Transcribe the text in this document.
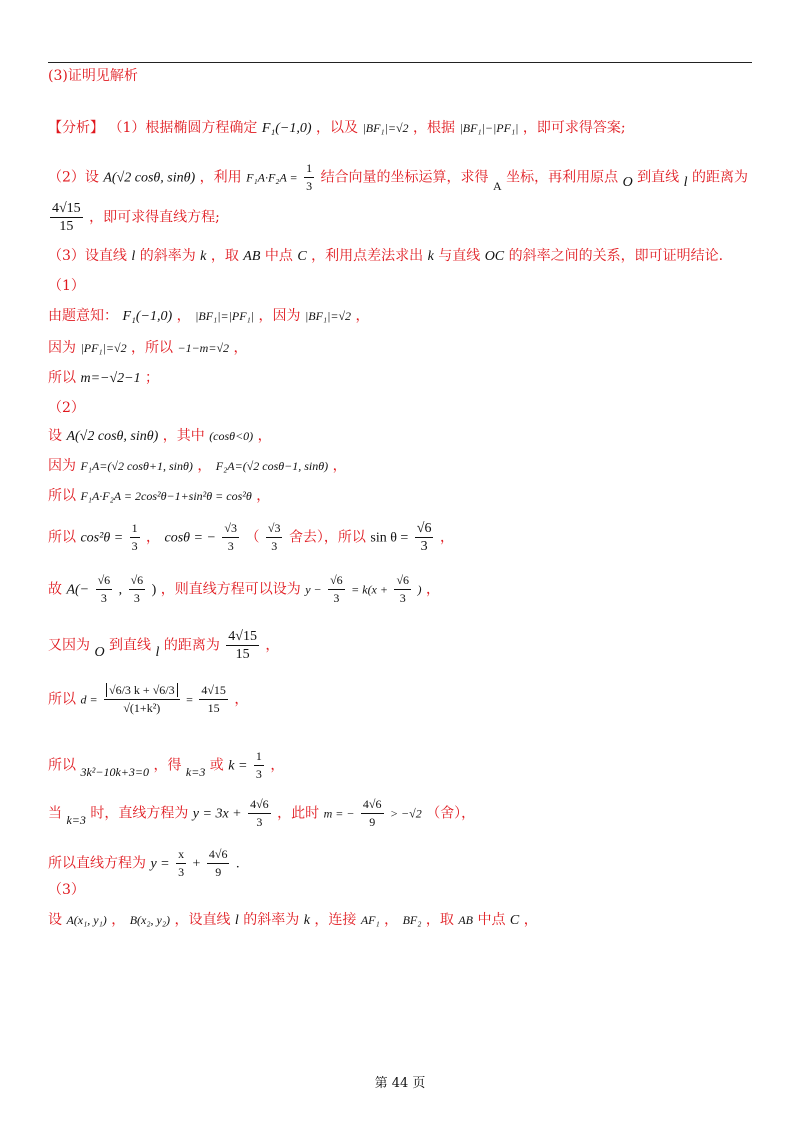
(3)证明见解析
【分析】 （1）根据椭圆方程确定 F₁(−1,0) ，以及 |BF₁|=√2 ，根据 |BF₁|−|PF₁| ，即可求得答案;
（2）设 A(√2 cosθ, sinθ) ，利用 $F_1A\cdot F_2A = \frac{1}{3}$ 结合向量的坐标运算，求得 A 坐标，再利用原点 O 到直线 l 的距离为
$\frac{4√15}{15}$ ，即可求得直线方程;
（3）设直线 l 的斜率为 k ，取 AB 中点 C ，利用点差法求出 k 与直线 OC 的斜率之间的关系，即可证明结论.
（1）
由题意知： F₁(−1,0) ， |BF₁|=|PF₁| ，因为 |BF₁|=√2 ，
因为 |PF₁|=√2 ，所以 −1−m=√2 ，
所以 m=−√2−1 ；
（2）
设 A(√2 cosθ, sinθ) ，其中 (cosθ<0) ，
因为 F₁A=(√2 cosθ+1, sinθ) ， F₂A=(√2 cosθ−1, sinθ) ，
所以 F₁A·F₂A = 2cos²θ−1+sin²θ = cos²θ ，
所以 $\cos^2\theta = \frac{1}{3}$ ， cosθ = − $\frac{√3}{3}$ （ $\frac{√3}{3}$ 舍去），所以 $\sin \theta = \frac{√6}{3}$ ，
故 $A(- \frac{√6}{3}$ , $\frac{√6}{3}$ ) ，则直线方程可以设为 $y - \frac{√6}{3} = k(x + \frac{√6}{3}$ ) ，
又因为 O 到直线 l 的距离为 $\frac{4√15}{15}$ ，
所以 $d = \frac{√6/3 k + √6/3}{\text{√(1+k²)}} = \frac{4√15}{15}$ ，
所以 3k²−10k+3=0 ，得 k=3 或 $k = \frac{1}{3}$ ，
当 k=3 时，直线方程为 $y = 3x + \frac{4√6}{3}$ ，此时 m = − $\frac{4√6}{9} > -√2$ （舍），
所以直线方程为 $y = \frac{x}{3} + \frac{4√6}{9}$ .
（3）
设 A(x₁, y₁) ， B(x₂, y₂) ，设直线 l 的斜率为 k ，连接 AF₁ ， BF₂ ，取 AB 中点 C ，
第 44 页
